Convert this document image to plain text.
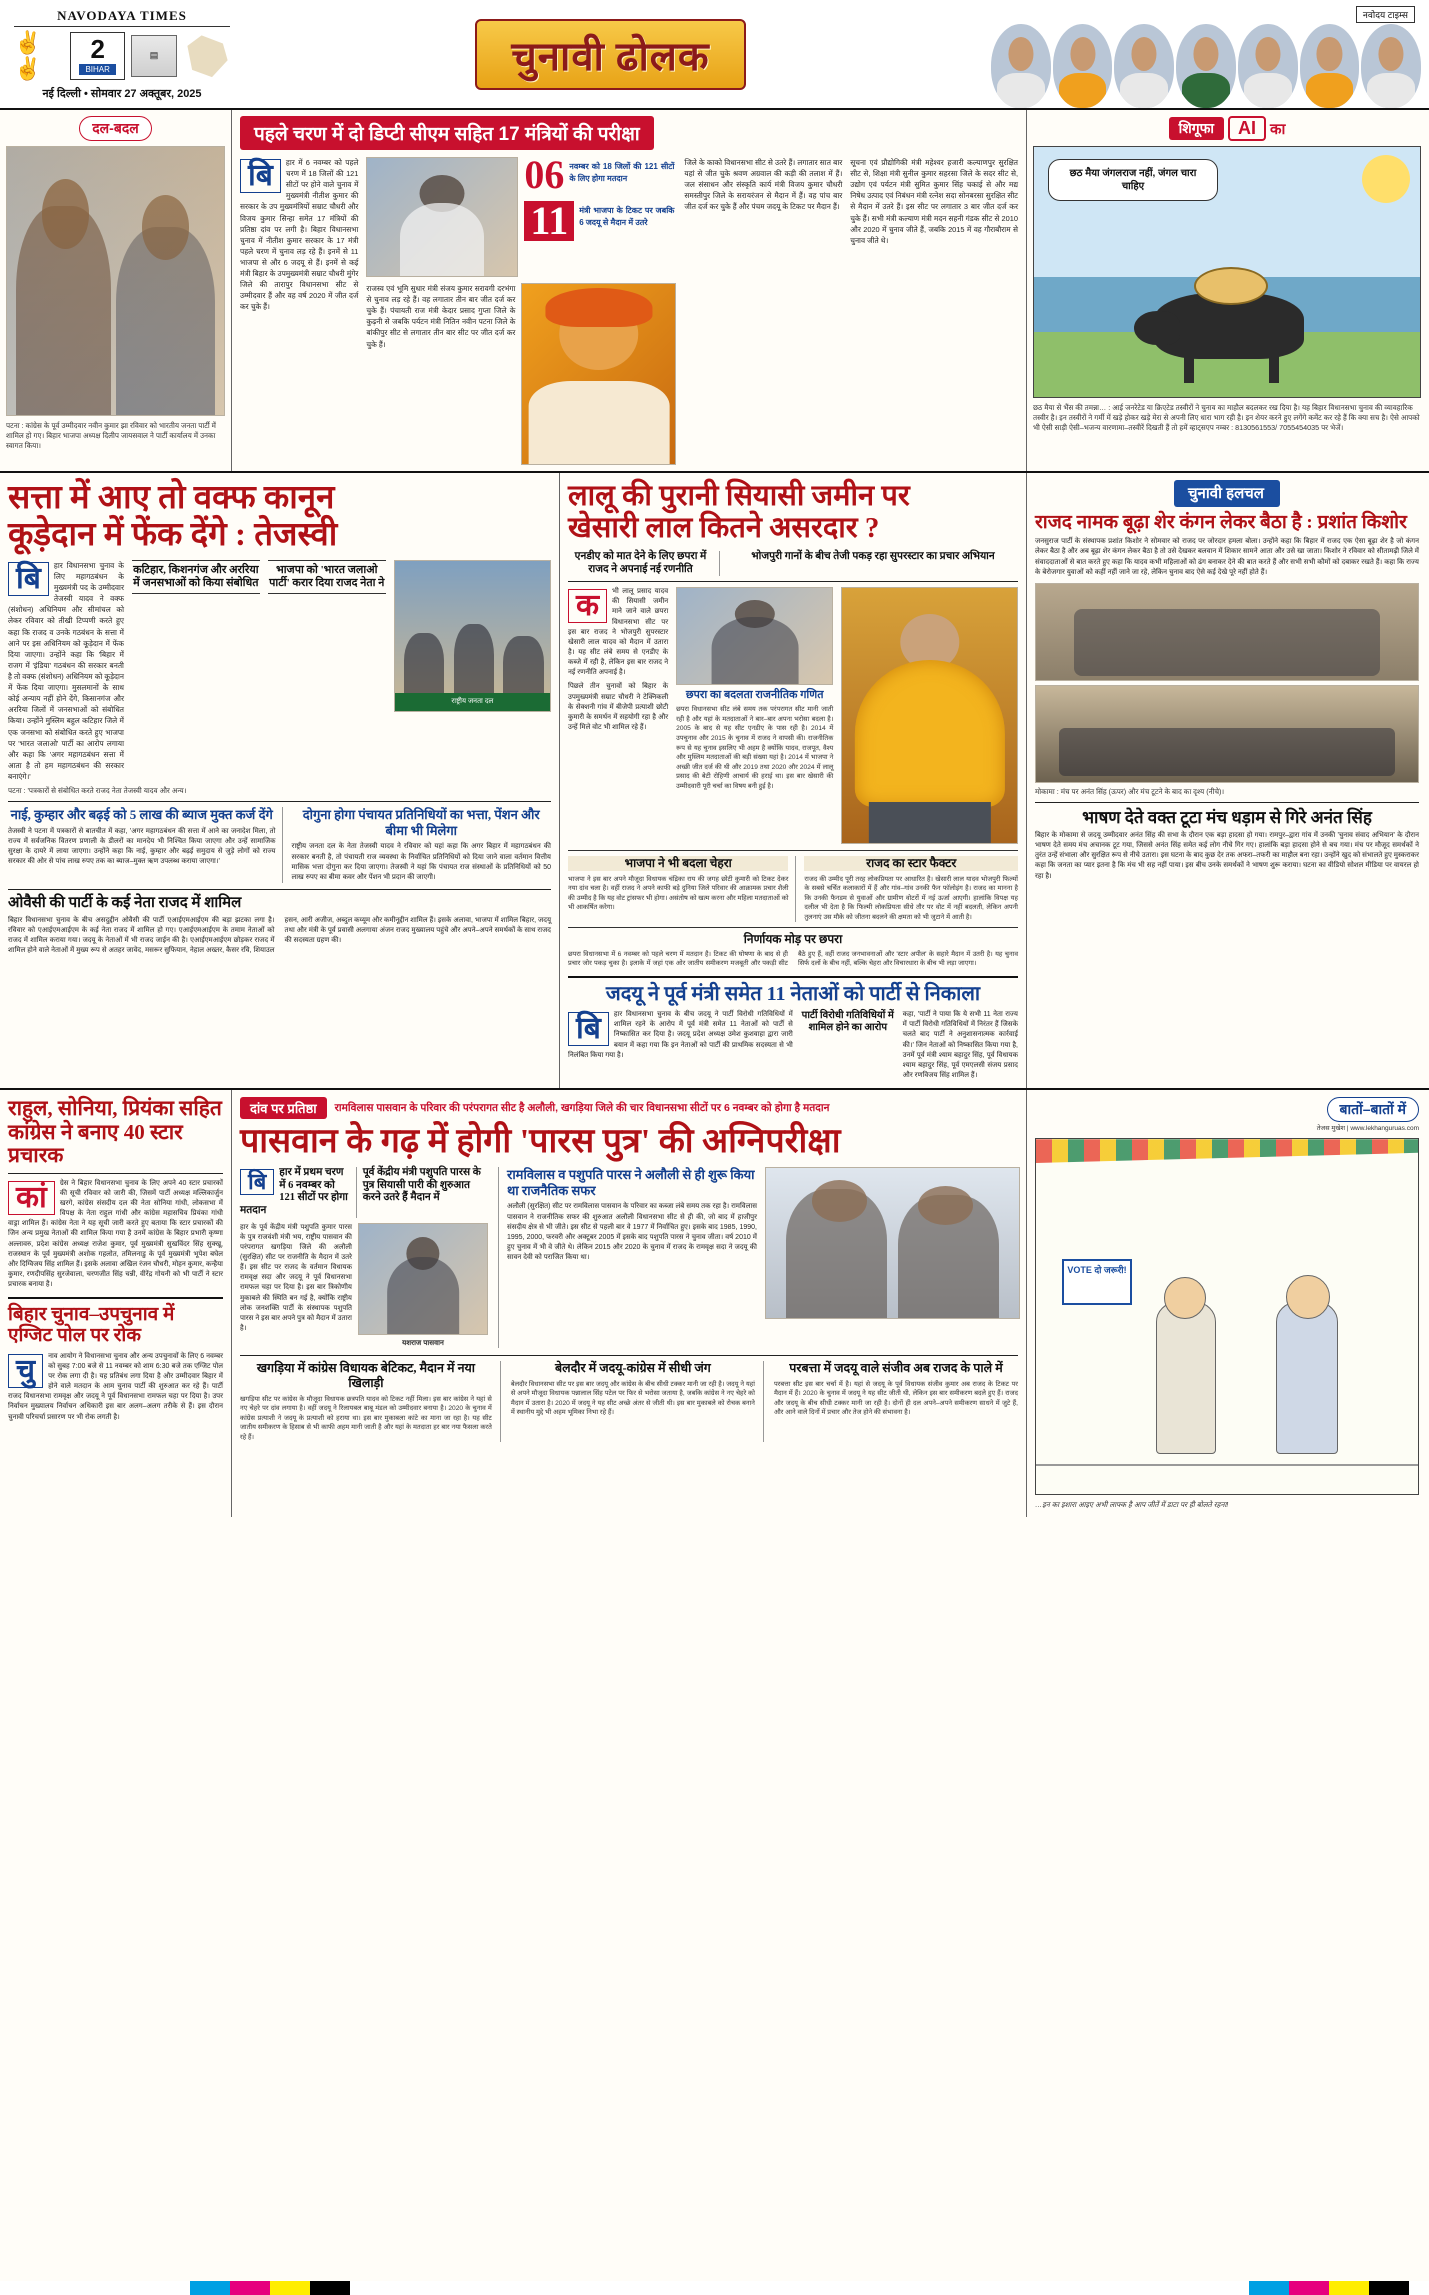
NAVODAYA TIMES
✌✌
2
BIHAR
▤
नई दिल्ली • सोमवार 27 अक्तूबर, 2025
चुनावी ढोलक
नवोदय टाइम्स
दल-बदल
पटना : कांग्रेस के पूर्व उम्मीदवार नवीन कुमार झा रविवार को भारतीय जनता पार्टी में शामिल हो गए। बिहार भाजपा अध्यक्ष दिलीप जायसवाल ने पार्टी कार्यालय में उनका स्वागत किया।
पहले चरण में दो डिप्टी सीएम सहित 17 मंत्रियों की परीक्षा
बि	हार में 6 नवम्बर को पहले चरण में 18 जिलों की 121 सीटों पर होने वाले चुनाव में मुख्यमंत्री नीतीश कुमार की सरकार के उप मुख्यमंत्रियों सम्राट चौधरी और विजय कुमार सिन्हा समेत 17 मंत्रियों की प्रतिष्ठा दांव पर लगी है। बिहार विधानसभा चुनाव में नीतीश कुमार सरकार के 17 मंत्री पहले चरण में चुनाव लड़ रहे हैं। इनमें से 11 भाजपा से और 6 जदयू से हैं। इनमें से कई मंत्री बिहार के उपमुख्यमंत्री सम्राट चौधरी मुंगेर जिले की तारापुर विधानसभा सीट से उम्मीदवार हैं और वह वर्ष 2020 में जीत दर्ज कर चुके हैं।
06 नवम्बर को 18 जिलों की 121 सीटों के लिए होगा मतदान
11	मंत्री भाजपा के टिकट पर जबकि 6 जदयू से मैदान में उतरे
राजस्व एवं भूमि सुधार मंत्री संजय कुमार सरावगी दरभंगा से चुनाव लड़ रहे हैं। वह लगातार तीन बार जीत दर्ज कर चुके हैं। पंचायती राज मंत्री केदार प्रसाद गुप्ता जिले के कुढ़नी से जबकि पर्यटन मंत्री नितिन नवीन पटना जिले के बांकीपुर सीट से लगातार तीन बार सीट पर जीत दर्ज कर चुके हैं।
जिले के काको विधानसभा सीट से उतरे हैं। लगातार सात बार यहां से जीत चुके श्रवण अग्रवाल की कड़ी की तलाश में हैं। जल संसाधन और संस्कृति कार्य मंत्री विजय कुमार चौधरी समस्तीपुर जिले के सरायरंजन से मैदान में हैं। वह पांच बार जीत दर्ज कर चुके हैं और पंचम जदयू के टिकट पर मैदान हैं।
सूचना एवं प्रौद्योगिकी मंत्री महेश्वर हजारी कल्याणपुर सुरक्षित सीट से, शिक्षा मंत्री सुनील कुमार सहरसा जिले के सदर सीट से, उद्योग एवं पर्यटन मंत्री सुमित कुमार सिंह चकाई से और मद्य निषेध उत्पाद एवं निबंधन मंत्री रत्नेश सदा सोनबरसा सुरक्षित सीट से मैदान में उतरे हैं। इस सीट पर लगातार 3 बार जीत दर्ज कर चुके हैं। सभी मंत्री कल्याण मंत्री मदन सहनी गंडक सीट से 2010 और 2020 में चुनाव जीते हैं, जबकि 2015 में वह गौराबौराम से चुनाव जीते थे।
शिगूफा	AI का
छठ मैया जंगलराज नहीं, जंगल चारा चाहिए
छठ मैया से भैंस की तमन्ना… : आई जनरेटेड या क्रिएटेड तस्वीरों ने चुनाव का माहौल बदलकर रख दिया है। यह बिहार विधानसभा चुनाव की व्यावहारिक तस्वीर है। इन तस्वीरों ने गर्मी में खड़े होकर खड़े मेरा से अपनी लिए धारा भाग रही है। इन शेयर करने हुए लगेंगे कमेंट कर रहे हैं कि क्या सच है। ऐसे आपको भी ऐसी साड़ी ऐसी–भजन्य वारणामा–तस्वीरें दिखती हैं तो हमें व्हाट्सएप नम्बर : 8130561553/ 7055454035 पर भेजें।
सत्ता में आए तो वक्फ कानून
कूड़ेदान में फेंक देंगे : तेजस्वी
बि	हार विधानसभा चुनाव के लिए महागठबंधन के मुख्यमंत्री पद के उम्मीदवार तेजस्वी यादव ने वक्फ (संशोधन) अधिनियम और सीमांचल को लेकर रविवार को तीखी टिप्पणी करते हुए कहा कि राजद व उनके गठबंधन के सत्ता में आने पर इस अधिनियम को कूड़ेदान में फेंक दिया जाएगा। उन्होंने कहा कि 'बिहार में राजग में 'इंडिया' गठबंधन की सरकार बनती है तो वक्फ (संशोधन) अधिनियम को कूड़ेदान में फेंक दिया जाएगा। मुसलमानों के साथ कोई अन्याय नहीं होने देंगे, किसानगंज और अररिया जिलों में जनसभाओं को संबोधित किया। उन्होंने मुस्लिम बहुल कटिहार जिले में एक जनसभा को संबोधित करते हुए भाजपा पर 'भारत जलाओ' पार्टी का आरोप लगाया और कहा कि 'अगर महागठबंधन सत्ता में आता है तो हम महागठबंधन की सरकार बनाएंगे।'
कटिहार, किशनगंज और अररिया में जनसभाओं को किया संबोधित
भाजपा को 'भारत जलाओ पार्टी' करार दिया राजद नेता ने
राष्ट्रीय जनता दल
पटना : 'पत्रकारों से संबोधित करते राजद नेता तेजस्वी यादव और अन्य।
नाई, कुम्हार और बढ़ई को 5 लाख की ब्याज मुक्त कर्ज देंगे
तेजस्वी ने पटना में पत्रकारों से बातचीत में कहा, 'अगर महागठबंधन की सत्ता में आने का जनादेश मिला, तो राज्य में सर्वजनिक वितरण प्रणाली के डीलरों का मानदेय भी निश्चित किया जाएगा और उन्हें सामाजिक सुरक्षा के दायरे में लाया जाएगा। उन्होंने कहा कि नाई, कुम्हार और बढ़ई समुदाय से जुड़े लोगों को राज्य सरकार की ओर से पांच लाख रुपए तक का ब्याज–मुक्त ऋण उपलब्ध कराया जाएगा।'
दोगुना होगा पंचायत प्रतिनिधियों का भत्ता, पेंशन और बीमा भी मिलेगा
राष्ट्रीय जनता दल के नेता तेजस्वी यादव ने रविवार को यहां कहा कि अगर बिहार में महागठबंधन की सरकार बनती है, तो पंचायती राज व्यवस्था के निर्वाचित प्रतिनिधियों को दिया जाने वाला वर्तमान वित्तीय मासिक भत्ता दोगुना कर दिया जाएगा। तेजस्वी ने यहां कि पंचायत राज संस्थाओं के प्रतिनिधियों को 50 लाख रुपए का बीमा कवर और पेंशन भी प्रदान की जाएगी।
ओवैसी की पार्टी के कई नेता राजद में शामिल
बिहार विधानसभा चुनाव के बीच असदुद्दीन ओवैसी की पार्टी एआईएमआईएम की बड़ा झटका लगा है। रविवार को एआईएमआईएम के कई नेता राजद में शामिल हो गए। एआईएमआईएम के तमाम नेताओं को राजद में शामिल कराया गया। जदयू के नेताओं में भी राजद जाईन की है। एआईएमआईएम छोड़कर राजद में शामिल होने वाले नेताओं में मुख्य रूप से अतहर जावेद, मसरूर सुफियान, नेहाल अख्तर, कैसर रवि, शियाउल हसन, आरी अजीज, अब्दुल कय्यूम और कमीनूद्दीन शामिल हैं। इसके अलावा, भाजपा में शामिल बिहार, जदयू तथा और मंत्री के पूर्व प्रवासी अलगाया अंजन राजद मुख्यालय पहुंचे और अपने–अपने समर्थकों के साथ राजद की सदस्यता ग्रहण की।
लालू की पुरानी सियासी जमीन पर
खेसारी लाल कितने असरदार ?
एनडीए को मात देने के लिए छपरा में राजद ने अपनाई नई रणनीति
भोजपुरी गानों के बीच तेजी पकड़ रहा सुपरस्टार का प्रचार अभियान
क	भी लालू प्रसाद यादव की सियासी जमीन माने जाने वाले छपरा विधानसभा सीट पर इस बार राजद ने भोजपुरी सुपरस्टार खेसारी लाल यादव को मैदान में उतारा है। यह सीट लंबे समय से एनडीए के कब्जे में रही है, लेकिन इस बार राजद ने नई रणनीति अपनाई है।
पिछले तीन चुनावों को बिहार के उपमुख्यमंत्री सम्राट चौधरी ने टेक्निकली के सेक्शनी गांव में बीजेपी प्रत्याशी छोटी कुमारी के समर्थन में सहयोगी रहा है और उन्हें मिले वोट भी शामिल रहे हैं।
छपरा का बदलता राजनीतिक गणित
छपरा विधानसभा सीट लंबे समय तक परंपरागत सीट मानी जाती रही है और यहां के मतदाताओं ने बार–बार अपना भरोसा बदला है। 2005 के बाद से यह सीट एनडीए के पास रही है। 2014 में उपचुनाव और 2015 के चुनाव में राजद ने वापसी की। राजनीतिक रूप से यह चुनाव इसलिए भी अहम है क्योंकि यादव, राजपूत, वैश्य और मुस्लिम मतदाताओं की बड़ी संख्या यहां है। 2014 में भाजपा ने अच्छी जीत दर्ज की थी और 2019 तथा 2020 और 2024 में लालू प्रसाद की बेटी रोहिणी आचार्य की हराई था। इस बार खेसारी की उम्मीदवारी पूरी चर्चा का विषय बनी हुई है।
भाजपा ने भी बदला चेहरा
भाजपा ने इस बार अपने मौजूदा विधायक चंद्रिका राय की जगह छोटी कुमारी को टिकट देकर नया दांव चला है। वहीं राजद ने अपने काफी बड़े दुनिया जिले परिवार की आक्रामक प्रचार शैली की उम्मीद है कि यह वोट ट्रांसफर भी होगा। असंतोष को खत्म करना और महिला मतदाताओं को भी आकर्षित करेगा।
राजद का स्टार फैक्टर
राजद की उम्मीद पूरी तरह लोकप्रियता पर आधारित है। खेसारी लाल यादव भोजपुरी फिल्मों के सबसे चर्चित कलाकारों में हैं और गांव–गांव उनकी फैन फॉलोइंग है। राजद का मानना है कि उनकी फैनडम से युवाओं और ग्रामीण वोटरों में नई ऊर्जा आएगी। हालांकि विपक्ष यह दलील भी देता है कि फिल्मी लोकप्रियता सीधे तौर पर वोट में नहीं बदलती, लेकिन अपनी तुलनाएं उस मौके को जीतना बदलने की क्षमता को भी जुटाने में आती है।
निर्णायक मोड़ पर छपरा
छपरा विधानसभा में 6 नवम्बर को पहले चरण में मतदान है। टिकट की घोषणा के बाद से ही प्रचार जोर पकड़ चुका है। इलाके में जहां एक ओर जातीय समीकरण मजबूती और पकड़ी सीट बैठे हुए हैं, वहीं राजद जनभावनाओं और 'स्टार अपील' के सहारे मैदान में उतरी है। यह चुनाव सिर्फ दलों के बीच नहीं, बल्कि चेहरा और विचारधारा के बीच भी लड़ा जाएगा।
जदयू ने पूर्व मंत्री समेत 11 नेताओं को पार्टी से निकाला
बि	हार विधानसभा चुनाव के बीच जदयू ने पार्टी विरोधी गतिविधियों में शामिल रहने के आरोप में पूर्व मंत्री समेत 11 नेताओं को पार्टी से निष्कासित कर दिया है। जदयू प्रदेश अध्यक्ष उमेश कुशवाहा द्वारा जारी बयान में कहा गया कि इन नेताओं को पार्टी की प्राथमिक सदस्यता से भी निलंबित किया गया है।
पार्टी विरोधी गतिविधियों में शामिल होने का आरोप
कहा, 'पार्टी ने पाया कि ये सभी 11 नेता राज्य में पार्टी विरोधी गतिविधियों में निरंतर हैं जिसके चलते बाद पार्टी ने अनुशासनात्मक कार्रवाई की।' जिन नेताओं को निष्कासित किया गया है, उनमें पूर्व मंत्री श्याम बहादुर सिंह, पूर्व विधायक श्याम बहादुर सिंह, पूर्व एमएलसी संजय प्रसाद और रणविजय सिंह शामिल हैं।
चुनावी हलचल
राजद नामक बूढ़ा शेर कंगन लेकर बैठा है : प्रशांत किशोर
जनसुराज पार्टी के संस्थापक प्रशांत किशोर ने सोमवार को राजद पर जोरदार हमला बोला। उन्होंने कहा कि बिहार में राजद एक ऐसा बूढ़ा शेर है जो कंगन लेकर बैठा है और अब बूढ़ा शेर कंगन लेकर बैठा है तो उसे देखकर बलवान में शिकार सामने आता और उसे खा जाता। किशोर ने रविवार को सीतामढ़ी जिले में संवाददाताओं से बात करते हुए कहा कि यादव कभी महिलाओं को ढंग बनाकर देने की बात करते हैं और सभी सभी कौमों को दबाकर रखते हैं। कहा कि राज्य के बेरोजगार युवाओं को कहीं नहीं जाने जा रहे, लेकिन चुनाव बाद ऐसे कई देखे पूरे नहीं होते हैं।
मोकामा : मंच पर अनंत सिंह (ऊपर) और मंच टूटने के बाद का दृश्य (नीचे)।
भाषण देते वक्त टूटा मंच धड़ाम से गिरे अनंत सिंह
बिहार के मोकामा से जदयू उम्मीदवार अनंत सिंह की सभा के दौरान एक बड़ा हादसा हो गया। रामपुर–द्वारा गांव में उनकी 'चुनाव संवाद अभियान' के दौरान भाषण देते समय मंच अचानक टूट गया, जिससे अनंत सिंह समेत कई लोग नीचे गिर गए। हालांकि बड़ा हादसा होने से बच गया। मंच पर मौजूद समर्थकों ने तुरंत उन्हें संभाला और सुरक्षित रूप से नीचे उतारा। इस घटना के बाद कुछ देर तक अफरा–तफरी का माहौल बना रहा। उन्होंने खुद को संभालते हुए मुस्कराकर कहा कि जनता का प्यार इतना है कि मंच भी सह नहीं पाया। इस बीच उनके समर्थकों ने भाषण शुरू कराया। घटना का वीडियो सोशल मीडिया पर वायरल हो रहा है।
राहुल, सोनिया, प्रियंका सहित कांग्रेस ने बनाए 40 स्टार प्रचारक
कां	ग्रेस ने बिहार विधानसभा चुनाव के लिए अपने 40 स्टार प्रचारकों की सूची रविवार को जारी की, जिसमें पार्टी अध्यक्ष मल्लिकार्जुन खरगे, कांग्रेस संसदीय दल की नेता सोनिया गांधी, लोकसभा में विपक्ष के नेता राहुल गांधी और कांग्रेस महासचिव प्रियंका गांधी वाड्रा शामिल हैं। कांग्रेस नेता ने यह सूची जारी करते हुए बताया कि स्टार प्रचारकों की जिन अन्य प्रमुख नेताओं की शामिल किया गया है उनमें कांग्रेस के बिहार प्रभारी कृष्णा अल्लावरु, प्रदेश कांग्रेस अध्यक्ष राजेश कुमार, पूर्व मुख्यमंत्री सुखविंदर सिंह सुक्खू, राजस्थान के पूर्व मुख्यमंत्री अशोक गहलोत, तमिलनाडु के पूर्व मुख्यमंत्री भूपेश बघेल और दिग्विजय सिंह शामिल हैं। इसके अलावा अखिल रंजन चौधरी, मोहन कुमार, कन्हैया कुमार, रणदीपसिंह सुरजेवाला, चरणजीत सिंह चन्नी, वीरेंद्र गोयनी को भी पार्टी ने स्टार प्रचारक बनाया है।
बिहार चुनाव–उपचुनाव में एग्जिट पोल पर रोक
चु	नाव आयोग ने विधानसभा चुनाव और अन्य उपचुनावों के लिए 6 नवम्बर को सुबह 7:00 बजे से 11 नवम्बर को शाम 6:30 बजे तक एग्जिट पोल पर रोक लगा दी है। यह प्रतिबंध लगा दिया है और उम्मीदवार बिहार में होने वाले मतदान के आम चुनाव पार्टी की शुरुआत कर रहे हैं। पार्टी राजद विधानसभा रामवृक्ष और जदयू ने पूर्व विधानसभा रामफल चहा पर दिया है। उपर निर्वाचन मुख्यालय निर्वाचन अधिकारी इस बार अलग–अलग तरीके से हैं। इस दौरान चुनावी परिचर्चा प्रसारण पर भी रोक लगती है।
दांव पर प्रतिष्ठा	रामविलास पासवान के परिवार की परंपरागत सीट है अलौली, खगड़िया जिले की चार विधानसभा सीटों पर 6 नवम्बर को होगा है मतदान
पासवान के गढ़ में होगी 'पारस पुत्र' की अग्निपरीक्षा
बि	हार में प्रथम चरण में 6 नवम्बर को 121 सीटों पर होगा मतदान
पूर्व केंद्रीय मंत्री पशुपति पारस के पुत्र सियासी पारी की शुरुआत करने उतरे हैं मैदान में
हार के पूर्व केंद्रीय मंत्री पशुपति कुमार पारस के पुत्र राजवंशी मंत्री भय, राष्ट्रीय पासवान की परंपरागत खगड़िया जिले की अलौली (सुरक्षित) सीट पर राजनीति के मैदान में उतरे हैं। इस सीट पर राजद के वर्तमान विधायक रामवृक्ष सदा और जदयू ने पूर्व विधानसभा रामफल चहा पर दिया है। इस बार त्रिकोणीय मुकाबले की स्थिति बन गई है, क्योंकि राष्ट्रीय लोक जनशक्ति पार्टी के संस्थापक पशुपति पारस ने इस बार अपने पुत्र को मैदान में उतारा है।
यशराज पासवान
रामविलास व पशुपति पारस ने अलौली से ही शुरू किया था राजनैतिक सफर
अलौली (सुरक्षित) सीट पर रामविलास पासवान के परिवार का कब्जा लंबे समय तक रहा है। रामविलास पासवान ने राजनीतिक सफर की शुरुआत अलौली विधानसभा सीट से ही की, जो बाद में हाजीपुर संसदीय क्षेत्र से भी जीते। इस सीट से पहली बार वे 1977 में निर्वाचित हुए। इसके बाद 1985, 1990, 1995, 2000, फरवरी और अक्टूबर 2005 में इसके बाद पशुपति पारस ने चुनाव जीता। वर्ष 2010 में हुए चुनाव में भी वे जीते थे। लेकिन 2015 और 2020 के चुनाव में राजद के रामवृक्ष सदा ने जदयू की सावन देवी को पराजित किया था।
खगड़िया में कांग्रेस विधायक बेटिकट, मैदान में नया खिलाड़ी
खगड़िया सीट पर कांग्रेस के मौजूदा विधायक छत्रपति यादव को टिकट नहीं मिला। इस बार कांग्रेस ने यहां से नए चेहरे पर दांव लगाया है। वहीं जदयू ने रिलायबल बाबू मंडल को उम्मीदवार बनाया है। 2020 के चुनाव में कांग्रेस प्रत्याशी ने जदयू के प्रत्याशी को हराया था। इस बार मुकाबला कांटे का माना जा रहा है। यह सीट जातीय समीकरण के हिसाब से भी काफी अहम मानी जाती है और यहां के मतदाता हर बार नया फैसला करते रहे हैं।
बेलदौर में जदयू-कांग्रेस में सीधी जंग
बेलदौर विधानसभा सीट पर इस बार जदयू और कांग्रेस के बीच सीधी टक्कर मानी जा रही है। जदयू ने यहां से अपने मौजूदा विधायक पन्नालाल सिंह पटेल पर फिर से भरोसा जताया है, जबकि कांग्रेस ने नए चेहरे को मैदान में उतारा है। 2020 में जदयू ने यह सीट अच्छे अंतर से जीती थी। इस बार मुकाबले को रोचक बनाने में स्थानीय मुद्दे भी अहम भूमिका निभा रहे हैं।
परबत्ता में जदयू वाले संजीव अब राजद के पाले में
परबत्ता सीट इस बार चर्चा में है। यहां से जदयू के पूर्व विधायक संजीव कुमार अब राजद के टिकट पर मैदान में हैं। 2020 के चुनाव में जदयू ने यह सीट जीती थी, लेकिन इस बार समीकरण बदले हुए हैं। राजद और जदयू के बीच सीधी टक्कर मानी जा रही है। दोनों ही दल अपने–अपने समीकरण साधने में जुटे हैं, और आने वाले दिनों में प्रचार और तेज होने की संभावना है।
बातों–बातों में
तेजस मुखेश | www.lekhanguruas.com
VOTE दो जरूरी!
…इन का इशारा आइए अभी लाफ्क है आप जीतें में डाटा पर ही बोलते रहना!
